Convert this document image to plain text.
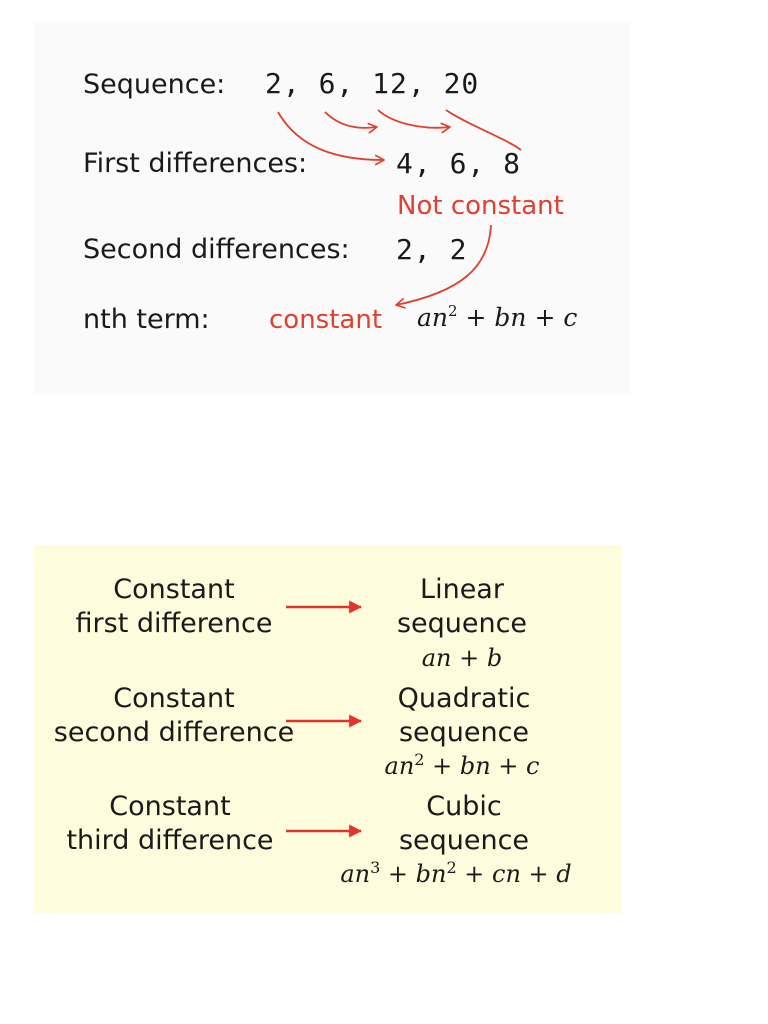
Sequence: 2, 6, 12, 20
First differences:	4, 6, 8
Not constant
Second differences: 2, 2
nth term: constant $an^2$ + bn + c
Constant
first difference
Linear
sequence
an + b
Constant
second difference
Quadratic
sequence
$an^2$ + bn + c
Constant
third difference
Cubic
sequence
$an^3 + bn^2$ + cn + d
